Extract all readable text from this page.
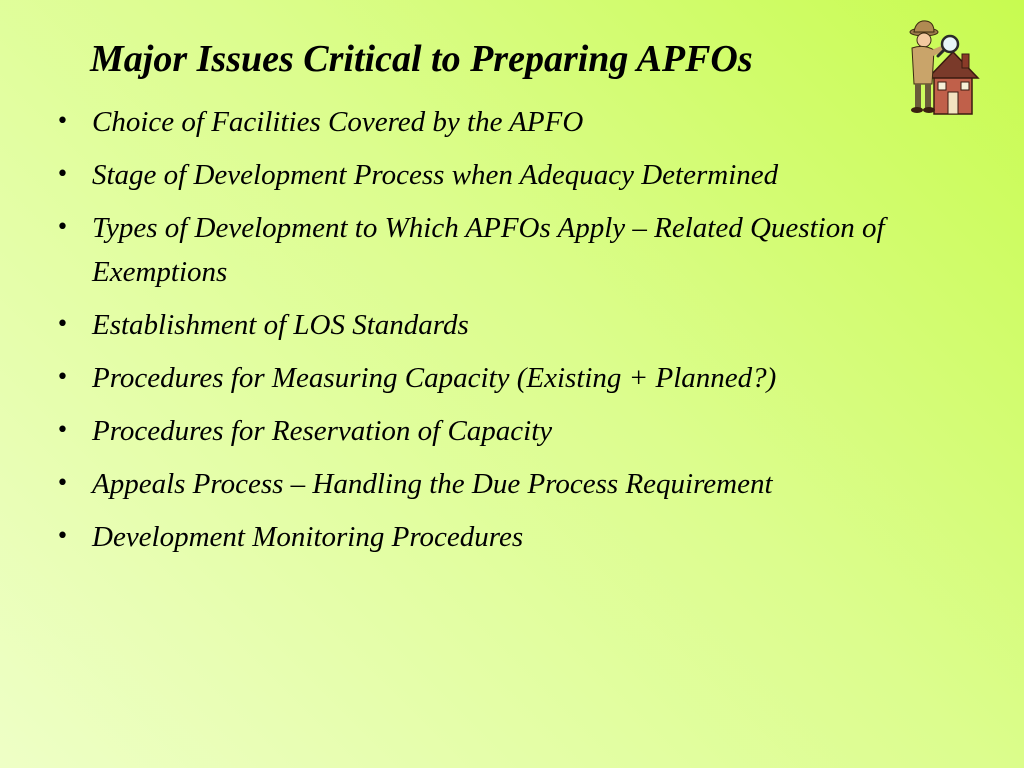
Major Issues Critical to Preparing APFOs
• Choice of Facilities Covered by the APFO
• Stage of Development Process when Adequacy Determined
• Types of Development to Which APFOs Apply – Related Question of Exemptions
• Establishment of LOS Standards
• Procedures for Measuring Capacity (Existing + Planned?)
• Procedures for Reservation of Capacity
• Appeals Process – Handling the Due Process Requirement
• Development Monitoring Procedures
